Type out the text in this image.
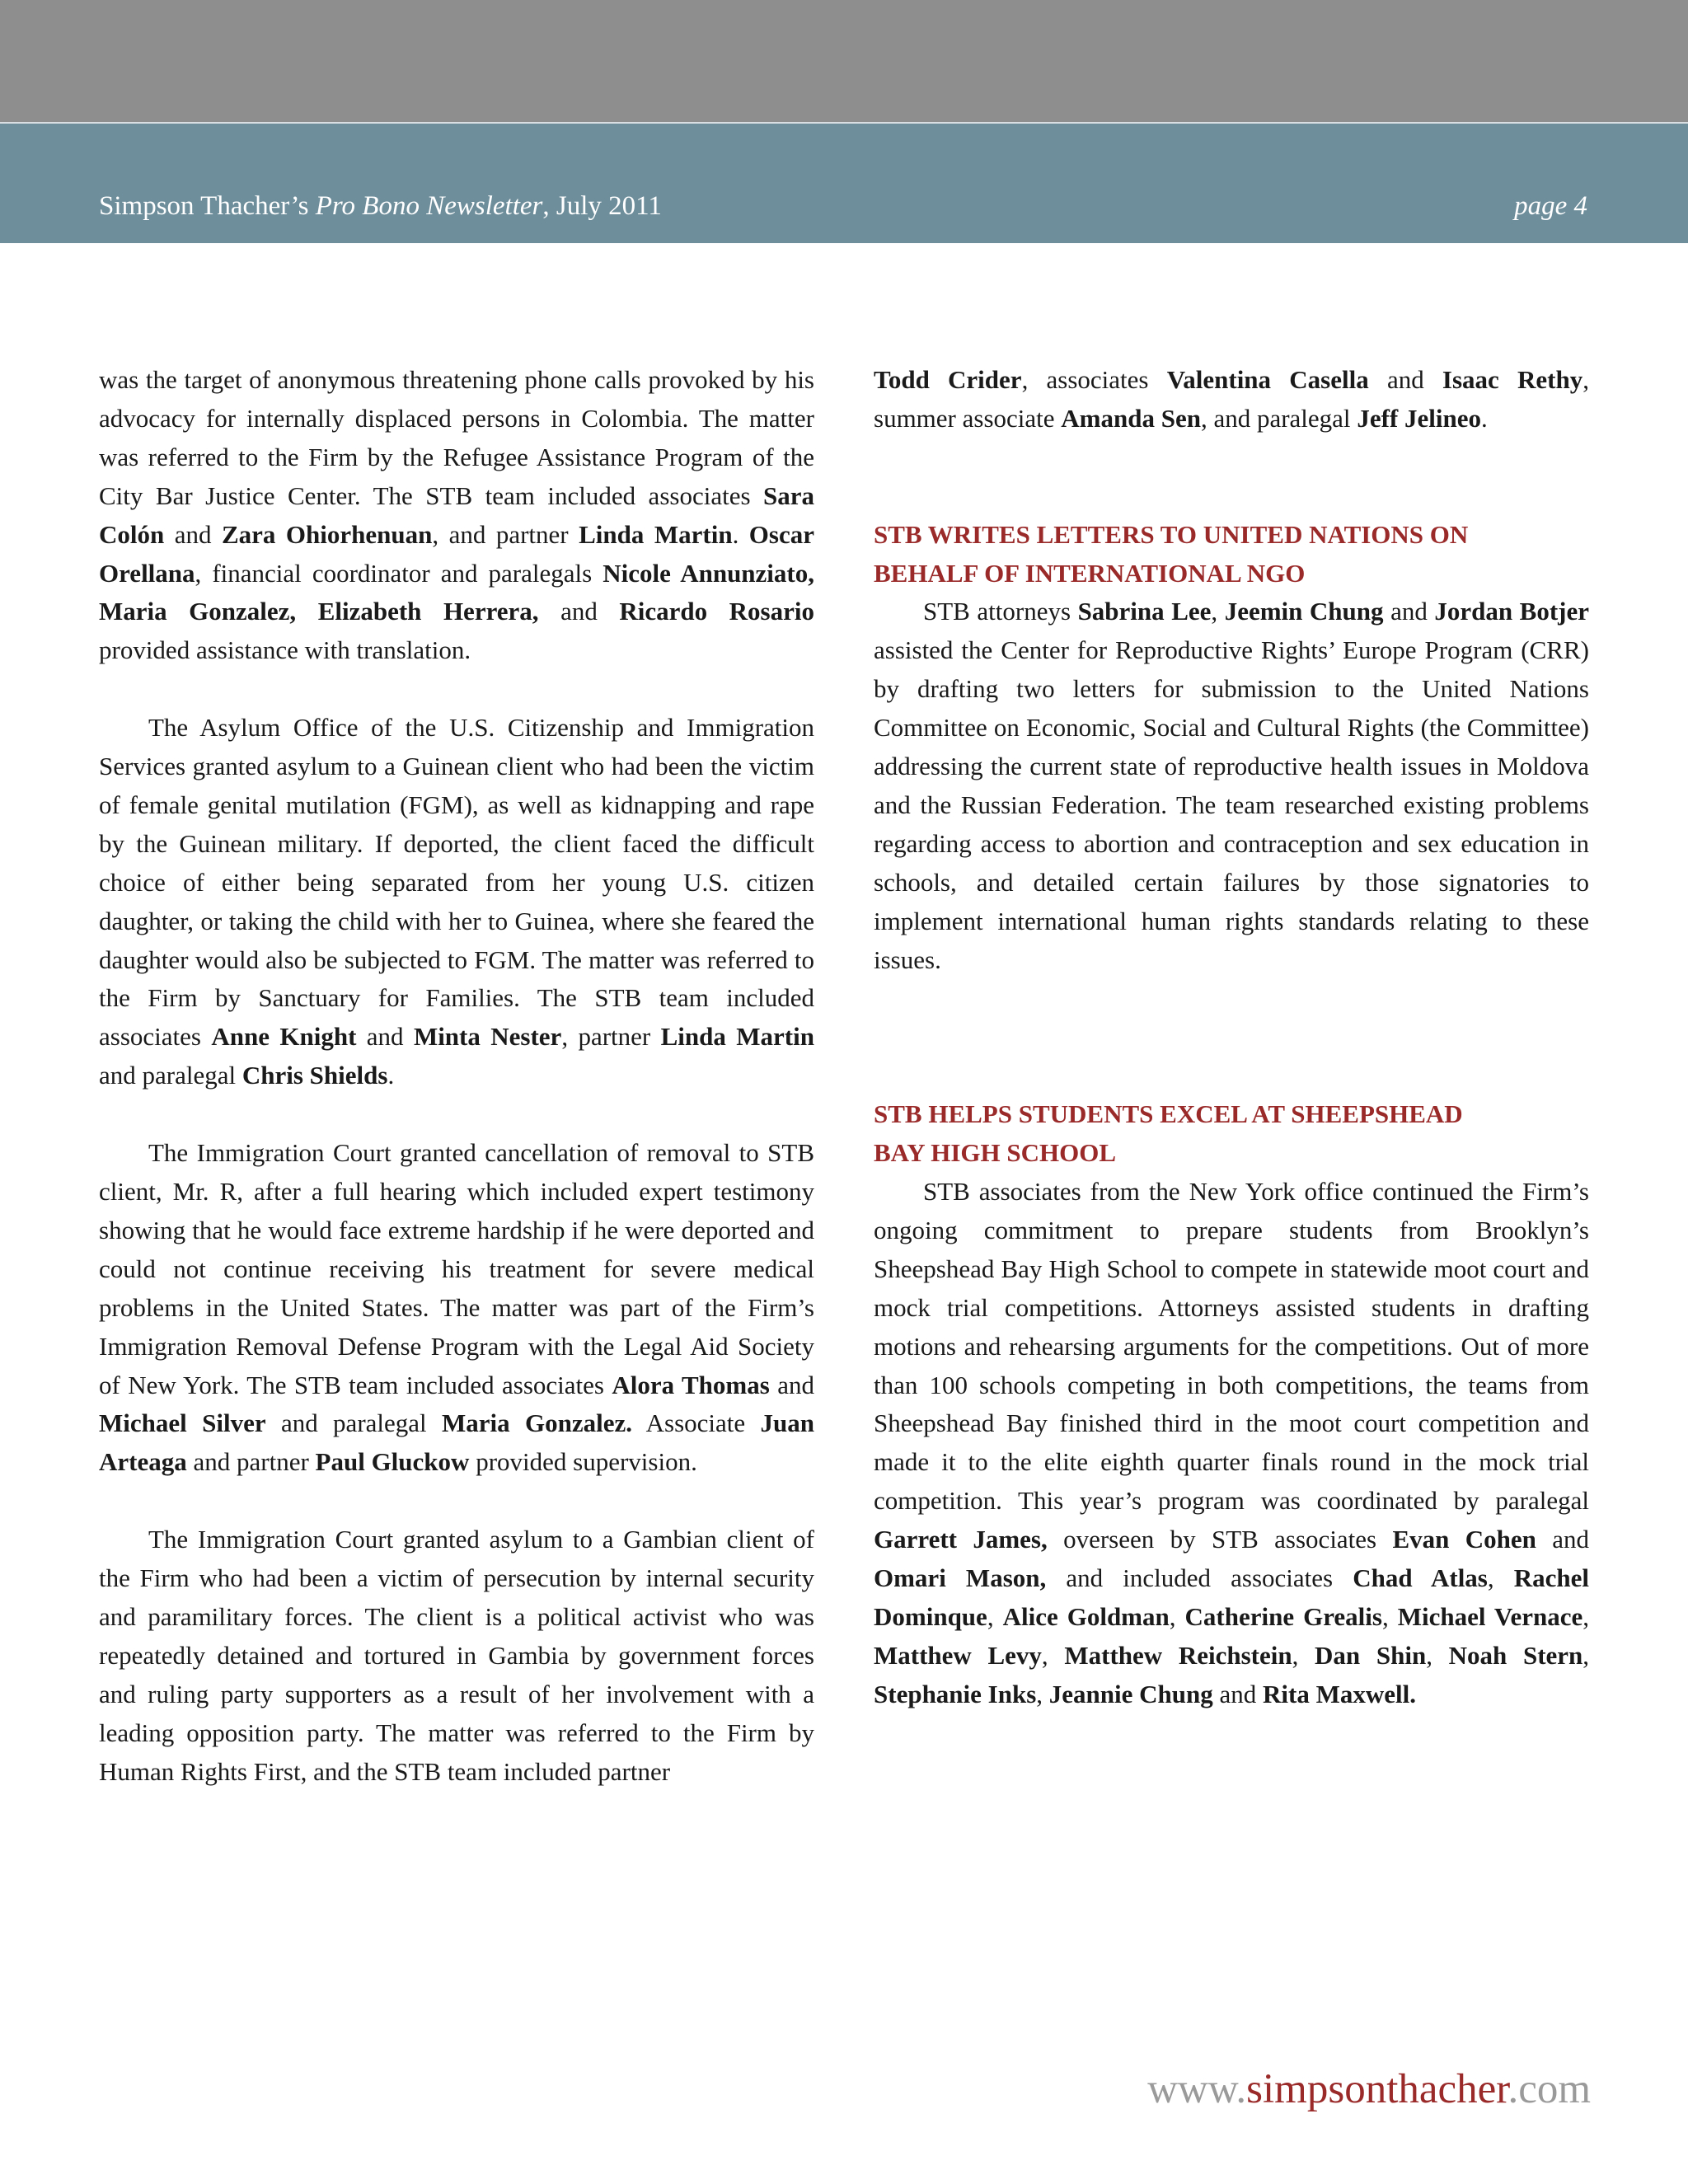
Simpson Thacher’s Pro Bono Newsletter, July 2011	page 4

was the target of anonymous threatening phone calls provoked by his advocacy for internally displaced persons in Colombia. The matter was referred to the Firm by the Refugee Assistance Program of the City Bar Justice Center. The STB team included associates Sara Colón and Zara Ohiorhenuan, and partner Linda Martin. Oscar Orellana, financial coordinator and paralegals Nicole Annunziato, Maria Gonzalez, Elizabeth Herrera, and Ricardo Rosario provided assistance with translation.

The Asylum Office of the U.S. Citizenship and Immigration Services granted asylum to a Guinean client who had been the victim of female genital mutilation (FGM), as well as kidnapping and rape by the Guinean military. If deported, the client faced the difficult choice of either being separated from her young U.S. citizen daughter, or taking the child with her to Guinea, where she feared the daughter would also be subjected to FGM. The matter was referred to the Firm by Sanctuary for Families. The STB team included associates Anne Knight and Minta Nester, partner Linda Martin and paralegal Chris Shields.

The Immigration Court granted cancellation of removal to STB client, Mr. R, after a full hearing which included expert testimony showing that he would face extreme hardship if he were deported and could not continue receiving his treatment for severe medical problems in the United States. The matter was part of the Firm’s Immigration Removal Defense Program with the Legal Aid Society of New York. The STB team included associates Alora Thomas and Michael Silver and paralegal Maria Gonzalez. Associate Juan Arteaga and partner Paul Gluckow provided supervision.

The Immigration Court granted asylum to a Gambian client of the Firm who had been a victim of persecution by internal security and paramilitary forces. The client is a political activist who was repeatedly detained and tortured in Gambia by government forces and ruling party supporters as a result of her involvement with a leading opposition party. The matter was referred to the Firm by Human Rights First, and the STB team included partner

Todd Crider, associates Valentina Casella and Isaac Rethy, summer associate Amanda Sen, and paralegal Jeff Jelineo.

STB WRITES LETTERS TO UNITED NATIONS ON
BEHALF OF INTERNATIONAL NGO
STB attorneys Sabrina Lee, Jeemin Chung and Jordan Botjer assisted the Center for Reproductive Rights’ Europe Program (CRR) by drafting two letters for submission to the United Nations Committee on Economic, Social and Cultural Rights (the Committee) addressing the current state of reproductive health issues in Moldova and the Russian Federation. The team researched existing problems regarding access to abortion and contraception and sex education in schools, and detailed certain failures by those signatories to implement international human rights standards relating to these issues.
STB HELPS STUDENTS EXCEL AT SHEEPSHEAD
BAY HIGH SCHOOL
STB associates from the New York office continued the Firm’s ongoing commitment to prepare students from Brooklyn’s Sheepshead Bay High School to compete in statewide moot court and mock trial competitions. Attorneys assisted students in drafting motions and rehearsing arguments for the competitions. Out of more than 100 schools competing in both competitions, the teams from Sheepshead Bay finished third in the moot court competition and made it to the elite eighth quarter finals round in the mock trial competition. This year’s program was coordinated by paralegal Garrett James, overseen by STB associates Evan Cohen and Omari Mason, and included associates Chad Atlas, Rachel Dominque, Alice Goldman, Catherine Grealis, Michael Vernace, Matthew Levy, Matthew Reichstein, Dan Shin, Noah Stern, Stephanie Inks, Jeannie Chung and Rita Maxwell.
www.simpsonthacher.com
